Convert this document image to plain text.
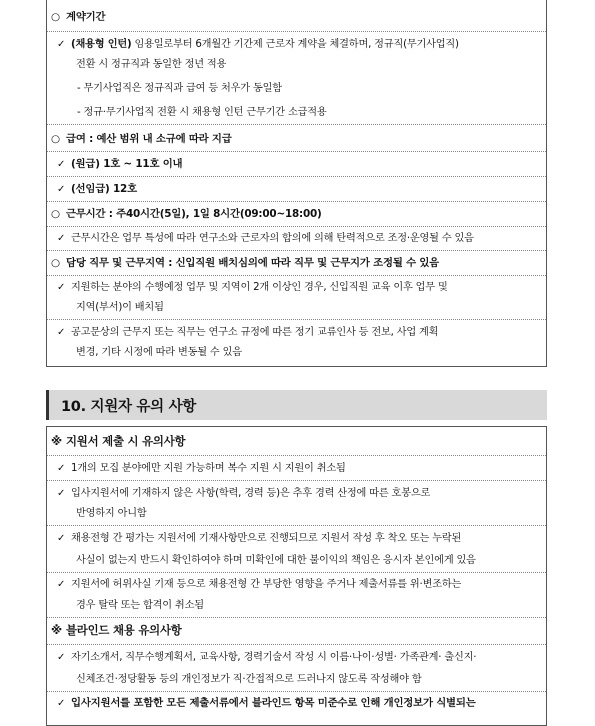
○ 계약기간
✓ (채용형 인턴) 임용일로부터 6개월간 기간제 근로자 계약을 체결하며, 정규직(무기사업직)
전환 시 정규직과 동일한 정년 적용
- 무기사업직은 정규직과 급여 등 처우가 동일함
- 정규·무기사업직 전환 시 채용형 인턴 근무기간 소급적용
○ 급여 : 예산 범위 내 소규에 따라 지급
✓ (원급) 1호 ~ 11호 이내
✓ (선임급) 12호
○ 근무시간 : 주40시간(5일), 1일 8시간(09:00~18:00)
✓ 근무시간은 업무 특성에 따라 연구소와 근로자의 합의에 의해 탄력적으로 조정·운영될 수 있음
○ 담당 직무 및 근무지역 : 신입직원 배치심의에 따라 직무 및 근무지가 조정될 수 있음
✓ 지원하는 분야의 수행예정 업무 및 지역이 2개 이상인 경우, 신입직원 교육 이후 업무 및
지역(부서)이 배치됨
✓ 공고문상의 근무지 또는 직무는 연구소 규정에 따른 정기 교류인사 등 전보, 사업 계획
변경, 기타 시정에 따라 변동될 수 있음
10. 지원자 유의 사항
※ 지원서 제출 시 유의사항
✓ 1개의 모집 분야에만 지원 가능하며 복수 지원 시 지원이 취소됨
✓ 입사지원서에 기재하지 않은 사항(학력, 경력 등)은 추후 경력 산정에 따른 호봉으로
반영하지 아니함
✓ 채용전형 간 평가는 지원서에 기재사항만으로 진행되므로 지원서 작성 후 착오 또는 누락된
사실이 없는지 반드시 확인하여야 하며 미확인에 대한 불이익의 책임은 응시자 본인에게 있음
✓ 지원서에 허위사실 기재 등으로 채용전형 간 부당한 영향을 주거나 제출서류를 위·변조하는
경우 탈락 또는 합격이 취소됨
※ 블라인드 채용 유의사항
✓ 자기소개서, 직무수행계획서, 교육사항, 경력기술서 작성 시 이름·나이·성별· 가족관계· 출신지·
신체조건·정당활동 등의 개인정보가 직·간접적으로 드러나지 않도록 작성해야 함
✓ 입사지원서를 포함한 모든 제출서류에서 블라인드 항목 미준수로 인해 개인정보가 식별되는
